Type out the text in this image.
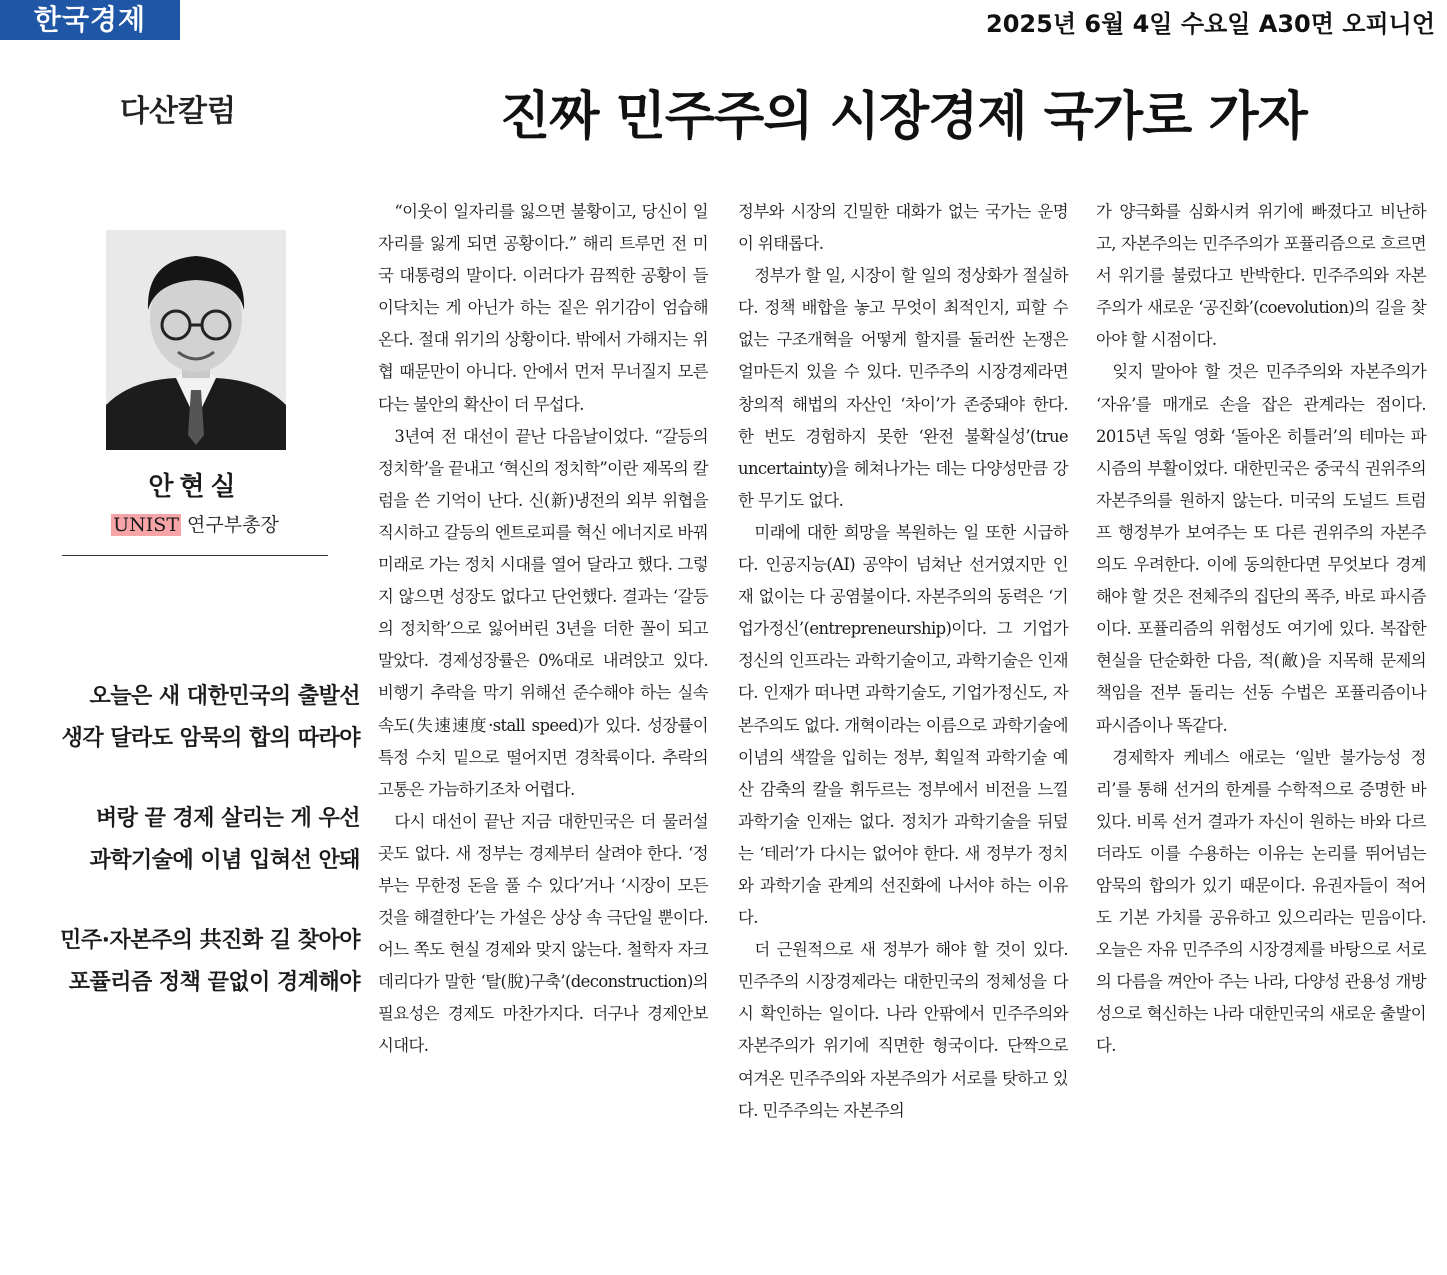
한국경제	2025년 6월 4일 수요일 A30면 오피니언
다산칼럼	진짜 민주주의 시장경제 국가로 가자
안현실
UNIST 연구부총장
오늘은 새 대한민국의 출발선
생각 달라도 암묵의 합의 따라야
벼랑 끝 경제 살리는 게 우선
과학기술에 이념 입혀선 안돼
민주·자본주의 共진화 길 찾아야
포퓰리즘 정책 끝없이 경계해야

“이웃이 일자리를 잃으면 불황이고, 당신이 일자리를 잃게 되면 공황이다.” 해리 트루먼 전 미국 대통령의 말이다. 이러다가 끔찍한 공황이 들이닥치는 게 아닌가 하는 짙은 위기감이 엄습해 온다. 절대 위기의 상황이다. 밖에서 가해지는 위협 때문만이 아니다. 안에서 먼저 무너질지 모른다는 불안의 확산이 더 무섭다.

3년여 전 대선이 끝난 다음날이었다. “갈등의 정치학’을 끝내고 ‘혁신의 정치학”이란 제목의 칼럼을 쓴 기억이 난다. 신(新)냉전의 외부 위협을 직시하고 갈등의 엔트로피를 혁신 에너지로 바꿔 미래로 가는 정치 시대를 열어 달라고 했다. 그렇지 않으면 성장도 없다고 단언했다. 결과는 ‘갈등의 정치학’으로 잃어버린 3년을 더한 꼴이 되고 말았다. 경제성장률은 0%대로 내려앉고 있다. 비행기 추락을 막기 위해선 준수해야 하는 실속속도(失速速度·stall speed)가 있다. 성장률이 특정 수치 밑으로 떨어지면 경착륙이다. 추락의 고통은 가늠하기조차 어렵다.

다시 대선이 끝난 지금 대한민국은 더 물러설 곳도 없다. 새 정부는 경제부터 살려야 한다. ‘정부는 무한정 돈을 풀 수 있다’거나 ‘시장이 모든 것을 해결한다’는 가설은 상상 속 극단일 뿐이다. 어느 쪽도 현실 경제와 맞지 않는다. 철학자 자크 데리다가 말한 ‘탈(脫)구축’(deconstruction)의 필요성은 경제도 마찬가지다. 더구나 경제안보 시대다.

정부와 시장의 긴밀한 대화가 없는 국가는 운명이 위태롭다.

정부가 할 일, 시장이 할 일의 정상화가 절실하다. 정책 배합을 놓고 무엇이 최적인지, 피할 수 없는 구조개혁을 어떻게 할지를 둘러싼 논쟁은 얼마든지 있을 수 있다. 민주주의 시장경제라면 창의적 해법의 자산인 ‘차이’가 존중돼야 한다. 한 번도 경험하지 못한 ‘완전 불확실성’(true uncertainty)을 헤쳐나가는 데는 다양성만큼 강한 무기도 없다.

미래에 대한 희망을 복원하는 일 또한 시급하다. 인공지능(AI) 공약이 넘쳐난 선거였지만 인재 없이는 다 공염불이다. 자본주의의 동력은 ‘기업가정신’(entrepreneurship)이다. 그 기업가정신의 인프라는 과학기술이고, 과학기술은 인재다. 인재가 떠나면 과학기술도, 기업가정신도, 자본주의도 없다. 개혁이라는 이름으로 과학기술에 이념의 색깔을 입히는 정부, 획일적 과학기술 예산 감축의 칼을 휘두르는 정부에서 비전을 느낄 과학기술 인재는 없다. 정치가 과학기술을 뒤덮는 ‘테러’가 다시는 없어야 한다. 새 정부가 정치와 과학기술 관계의 선진화에 나서야 하는 이유다.

더 근원적으로 새 정부가 해야 할 것이 있다. 민주주의 시장경제라는 대한민국의 정체성을 다시 확인하는 일이다. 나라 안팎에서 민주주의와 자본주의가 위기에 직면한 형국이다. 단짝으로 여겨온 민주주의와 자본주의가 서로를 탓하고 있다. 민주주의는 자본주의

가 양극화를 심화시켜 위기에 빠졌다고 비난하고, 자본주의는 민주주의가 포퓰리즘으로 흐르면서 위기를 불렀다고 반박한다. 민주주의와 자본주의가 새로운 ‘공진화’(coevolution)의 길을 찾아야 할 시점이다.

잊지 말아야 할 것은 민주주의와 자본주의가 ‘자유’를 매개로 손을 잡은 관계라는 점이다. 2015년 독일 영화 ‘돌아온 히틀러’의 테마는 파시즘의 부활이었다. 대한민국은 중국식 권위주의 자본주의를 원하지 않는다. 미국의 도널드 트럼프 행정부가 보여주는 또 다른 권위주의 자본주의도 우려한다. 이에 동의한다면 무엇보다 경계해야 할 것은 전체주의 집단의 폭주, 바로 파시즘이다. 포퓰리즘의 위험성도 여기에 있다. 복잡한 현실을 단순화한 다음, 적(敵)을 지목해 문제의 책임을 전부 돌리는 선동 수법은 포퓰리즘이나 파시즘이나 똑같다.

경제학자 케네스 애로는 ‘일반 불가능성 정리’를 통해 선거의 한계를 수학적으로 증명한 바 있다. 비록 선거 결과가 자신이 원하는 바와 다르더라도 이를 수용하는 이유는 논리를 뛰어넘는 암묵의 합의가 있기 때문이다. 유권자들이 적어도 기본 가치를 공유하고 있으리라는 믿음이다. 오늘은 자유 민주주의 시장경제를 바탕으로 서로의 다름을 껴안아 주는 나라, 다양성 관용성 개방성으로 혁신하는 나라 대한민국의 새로운 출발이다.
